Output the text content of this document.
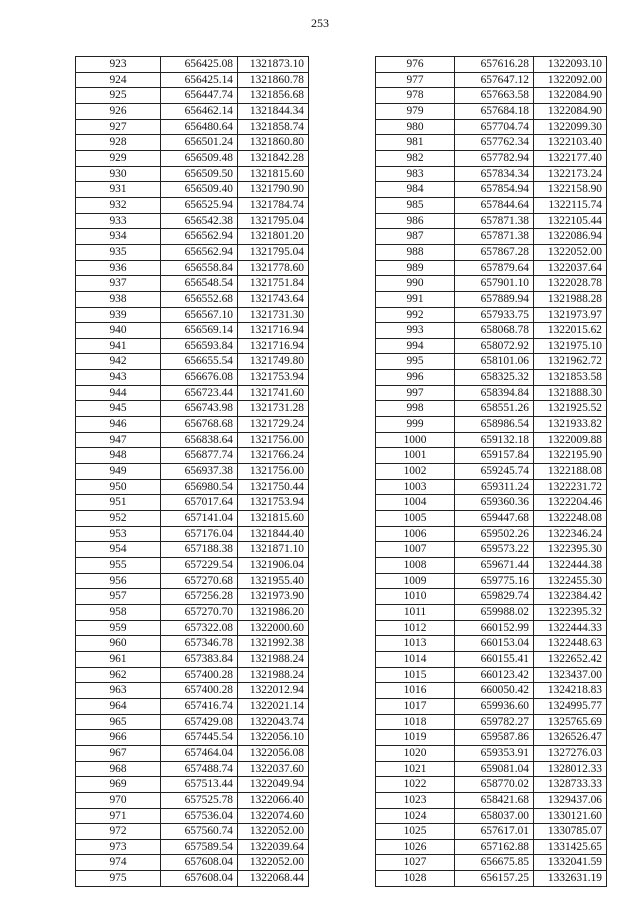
253
923	656425.08	1321873.10
924	656425.14	1321860.78
925	656447.74	1321856.68
926	656462.14	1321844.34
927	656480.64	1321858.74
928	656501.24	1321860.80
929	656509.48	1321842.28
930	656509.50	1321815.60
931	656509.40	1321790.90
932	656525.94	1321784.74
933	656542.38	1321795.04
934	656562.94	1321801.20
935	656562.94	1321795.04
936	656558.84	1321778.60
937	656548.54	1321751.84
938	656552.68	1321743.64
939	656567.10	1321731.30
940	656569.14	1321716.94
941	656593.84	1321716.94
942	656655.54	1321749.80
943	656676.08	1321753.94
944	656723.44	1321741.60
945	656743.98	1321731.28
946	656768.68	1321729.24
947	656838.64	1321756.00
948	656877.74	1321766.24
949	656937.38	1321756.00
950	656980.54	1321750.44
951	657017.64	1321753.94
952	657141.04	1321815.60
953	657176.04	1321844.40
954	657188.38	1321871.10
955	657229.54	1321906.04
956	657270.68	1321955.40
957	657256.28	1321973.90
958	657270.70	1321986.20
959	657322.08	1322000.60
960	657346.78	1321992.38
961	657383.84	1321988.24
962	657400.28	1321988.24
963	657400.28	1322012.94
964	657416.74	1322021.14
965	657429.08	1322043.74
966	657445.54	1322056.10
967	657464.04	1322056.08
968	657488.74	1322037.60
969	657513.44	1322049.94
970	657525.78	1322066.40
971	657536.04	1322074.60
972	657560.74	1322052.00
973	657589.54	1322039.64
974	657608.04	1322052.00
975	657608.04	1322068.44
976	657616.28	1322093.10
977	657647.12	1322092.00
978	657663.58	1322084.90
979	657684.18	1322084.90
980	657704.74	1322099.30
981	657762.34	1322103.40
982	657782.94	1322177.40
983	657834.34	1322173.24
984	657854.94	1322158.90
985	657844.64	1322115.74
986	657871.38	1322105.44
987	657871.38	1322086.94
988	657867.28	1322052.00
989	657879.64	1322037.64
990	657901.10	1322028.78
991	657889.94	1321988.28
992	657933.75	1321973.97
993	658068.78	1322015.62
994	658072.92	1321975.10
995	658101.06	1321962.72
996	658325.32	1321853.58
997	658394.84	1321888.30
998	658551.26	1321925.52
999	658986.54	1321933.82
1000	659132.18	1322009.88
1001	659157.84	1322195.90
1002	659245.74	1322188.08
1003	659311.24	1322231.72
1004	659360.36	1322204.46
1005	659447.68	1322248.08
1006	659502.26	1322346.24
1007	659573.22	1322395.30
1008	659671.44	1322444.38
1009	659775.16	1322455.30
1010	659829.74	1322384.42
1011	659988.02	1322395.32
1012	660152.99	1322444.33
1013	660153.04	1322448.63
1014	660155.41	1322652.42
1015	660123.42	1323437.00
1016	660050.42	1324218.83
1017	659936.60	1324995.77
1018	659782.27	1325765.69
1019	659587.86	1326526.47
1020	659353.91	1327276.03
1021	659081.04	1328012.33
1022	658770.02	1328733.33
1023	658421.68	1329437.06
1024	658037.00	1330121.60
1025	657617.01	1330785.07
1026	657162.88	1331425.65
1027	656675.85	1332041.59
1028	656157.25	1332631.19
